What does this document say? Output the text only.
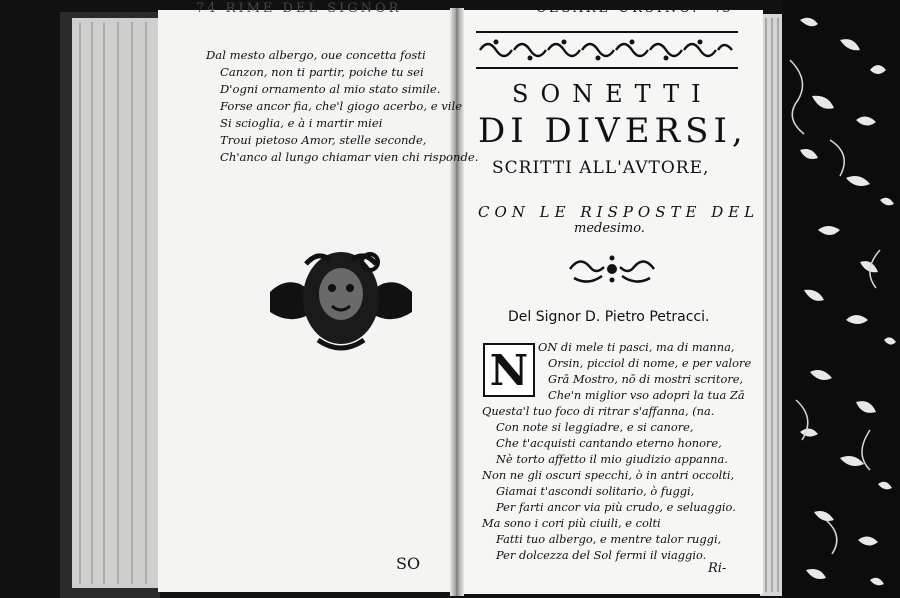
74 RIME DEL SIGNOR
Dal mesto albergo, oue concetta fosti
Canzon, non ti partir, poiche tu sei
D'ogni ornamento al mio stato simile.
Forse ancor fia, che'l giogo acerbo, e vile
Si scioglia, e à i martir miei
Troui pietoso Amor, stelle seconde,
Ch'anco al lungo chiamar vien chi risponde.
SO
CESARE URSINO. 75
SONETTI
DI DIVERSI,
SCRITTI ALL'AVTORE,
CON LE RISPOSTE DEL
medesimo.
Del Signor D. Pietro Petracci.
N ON di mele ti pasci, ma di manna,
Orsin, picciol di nome, e per valore
Grā Mostro, nō di mostri scritore,
Che'n miglior vso adopri la tua Zā
Questa'l tuo foco di ritrar s'affanna, (na.
Con note si leggiadre, e si canore,
Che t'acquisti cantando eterno honore,
Nè torto affetto il mio giudizio appanna.
Non ne gli oscuri specchi, ò in antri occolti,
Giamai t'ascondi solitario, ò fuggi,
Per farti ancor via più crudo, e seluaggio.
Ma sono i cori più ciuili, e colti
Fatti tuo albergo, e mentre talor ruggi,
Per dolcezza del Sol fermi il viaggio.
Ri-
